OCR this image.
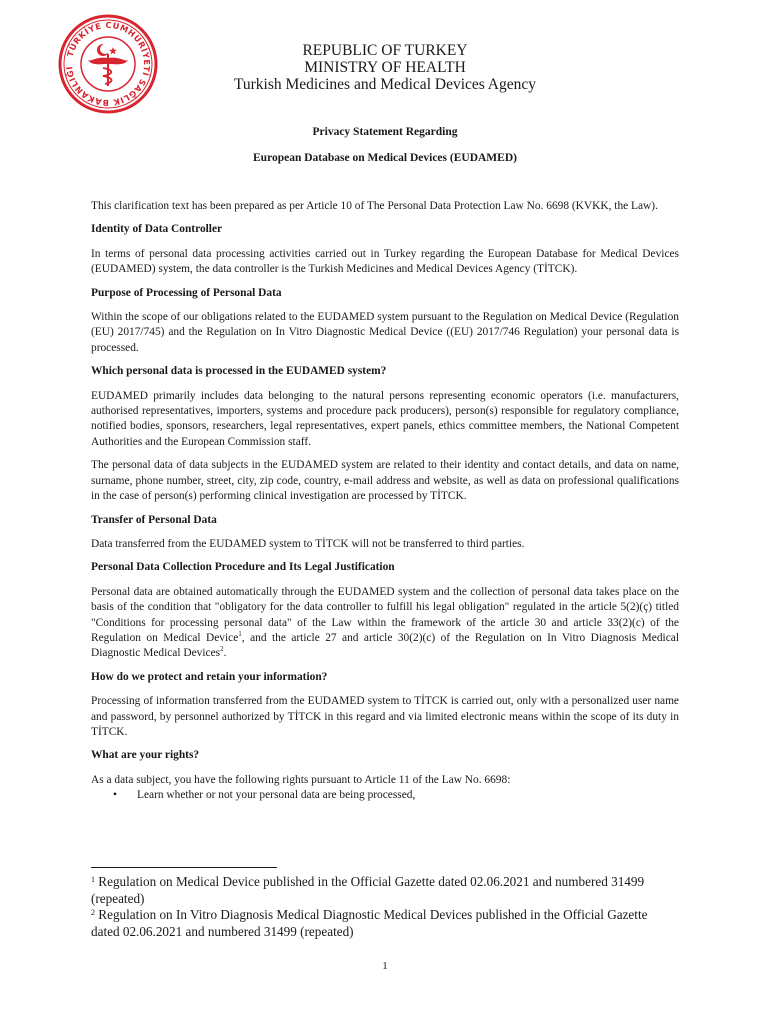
TÜRKİYE CUMHURİYETİ SAĞLIK BAKANLIĞI
REPUBLIC OF TURKEY
MINISTRY OF HEALTH
Turkish Medicines and Medical Devices Agency
Privacy Statement Regarding
European Database on Medical Devices (EUDAMED)

This clarification text has been prepared as per Article 10 of The Personal Data Protection Law No. 6698 (KVKK, the Law).

Identity of Data Controller

In terms of personal data processing activities carried out in Turkey regarding the European Database for Medical Devices (EUDAMED) system, the data controller is the Turkish Medicines and Medical Devices Agency (TİTCK).

Purpose of Processing of Personal Data

Within the scope of our obligations related to the EUDAMED system pursuant to the Regulation on Medical Device (Regulation (EU) 2017/745) and the Regulation on In Vitro Diagnostic Medical Device ((EU) 2017/746 Regulation) your personal data is processed.

Which personal data is processed in the EUDAMED system?

EUDAMED primarily includes data belonging to the natural persons representing economic operators (i.e. manufacturers, authorised representatives, importers, systems and procedure pack producers), person(s) responsible for regulatory compliance, notified bodies, sponsors, researchers, legal representatives, expert panels, ethics committee members, the National Competent Authorities and the European Commission staff.

The personal data of data subjects in the EUDAMED system are related to their identity and contact details, and data on name, surname, phone number, street, city, zip code, country, e-mail address and website, as well as data on professional qualifications in the case of person(s) performing clinical investigation are processed by TİTCK.

Transfer of Personal Data

Data transferred from the EUDAMED system to TİTCK will not be transferred to third parties.

Personal Data Collection Procedure and Its Legal Justification

Personal data are obtained automatically through the EUDAMED system and the collection of personal data takes place on the basis of the condition that "obligatory for the data controller to fulfill his legal obligation" regulated in the article 5(2)(ç) titled "Conditions for processing personal data" of the Law within the framework of the article 30 and article 33(2)(c) of the Regulation on Medical Device$^1$, and the article 27 and article 30(2)(c) of the Regulation on In Vitro Diagnosis Medical Diagnostic Medical Devices$^2$.

How do we protect and retain your information?

Processing of information transferred from the EUDAMED system to TİTCK is carried out, only with a personalized user name and password, by personnel authorized by TİTCK in this regard and via limited electronic means within the scope of its duty in TİTCK.

What are your rights?

As a data subject, you have the following rights pursuant to Article 11 of the Law No. 6698:

• Learn whether or not your personal data are being processed,

$^1$ Regulation on Medical Device published in the Official Gazette dated 02.06.2021 and numbered 31499 (repeated)

$^2$ Regulation on In Vitro Diagnosis Medical Diagnostic Medical Devices published in the Official Gazette dated 02.06.2021 and numbered 31499 (repeated)

1
